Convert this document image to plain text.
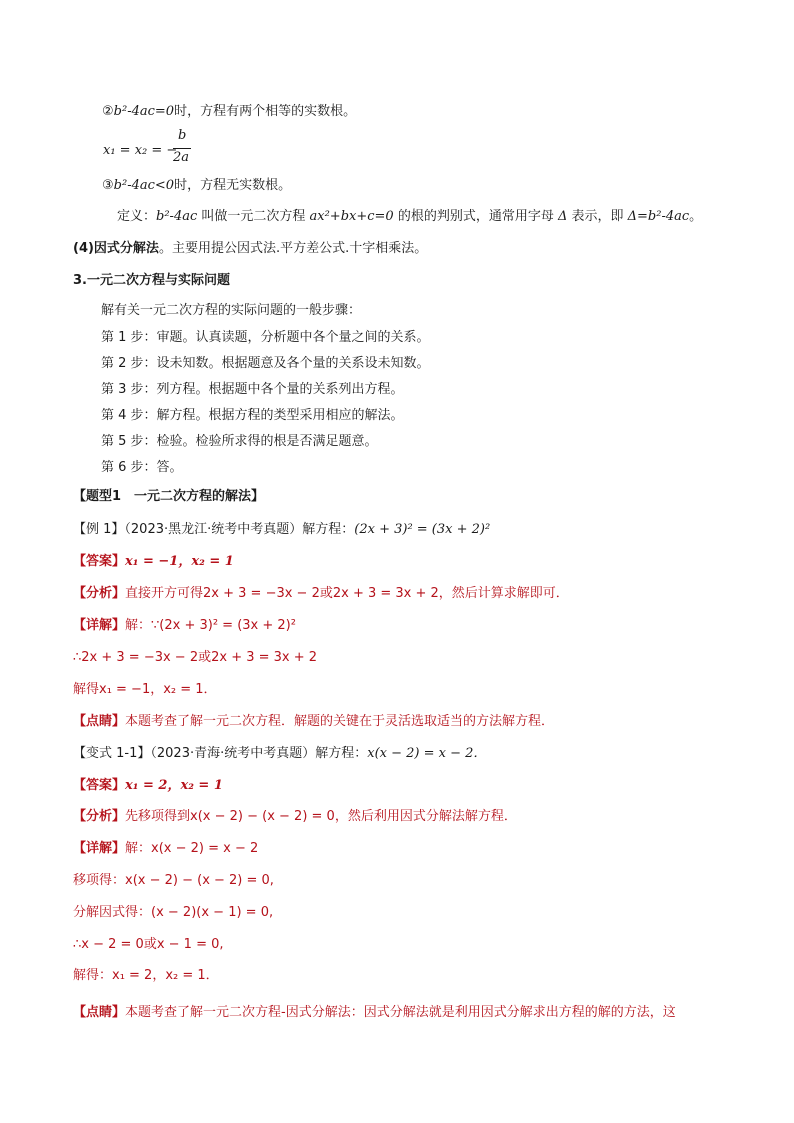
②b²-4ac=0时，方程有两个相等的实数根。
x₁ = x₂ = −
b
2a
③b²-4ac<0时，方程无实数根。
定义：b²-4ac 叫做一元二次方程 ax²+bx+c=0 的根的判别式，通常用字母 Δ 表示，即 Δ=b²-4ac。
(4)因式分解法。主要用提公因式法.平方差公式.十字相乘法。
3.一元二次方程与实际问题
解有关一元二次方程的实际问题的一般步骤：
第 1 步：审题。认真读题，分析题中各个量之间的关系。
第 2 步：设未知数。根据题意及各个量的关系设未知数。
第 3 步：列方程。根据题中各个量的关系列出方程。
第 4 步：解方程。根据方程的类型采用相应的解法。
第 5 步：检验。检验所求得的根是否满足题意。
第 6 步：答。
【题型1　一元二次方程的解法】
【例 1】（2023·黑龙江·统考中考真题）解方程：(2x + 3)² = (3x + 2)²
【答案】x₁ = −1，x₂ = 1
【分析】直接开方可得2x + 3 = −3x − 2或2x + 3 = 3x + 2，然后计算求解即可．
【详解】解：∵(2x + 3)² = (3x + 2)²
∴2x + 3 = −3x − 2或2x + 3 = 3x + 2
解得x₁ = −1，x₂ = 1．
【点睛】本题考查了解一元二次方程．解题的关键在于灵活选取适当的方法解方程．
【变式 1-1】（2023·青海·统考中考真题）解方程：x(x − 2) = x − 2．
【答案】x₁ = 2，x₂ = 1
【分析】先移项得到x(x − 2) − (x − 2) = 0，然后利用因式分解法解方程．
【详解】解：x(x − 2) = x − 2
移项得：x(x − 2) − (x − 2) = 0,
分解因式得：(x − 2)(x − 1) = 0,
∴x − 2 = 0或x − 1 = 0,
解得：x₁ = 2，x₂ = 1．
【点睛】本题考查了解一元二次方程-因式分解法：因式分解法就是利用因式分解求出方程的解的方法，这
